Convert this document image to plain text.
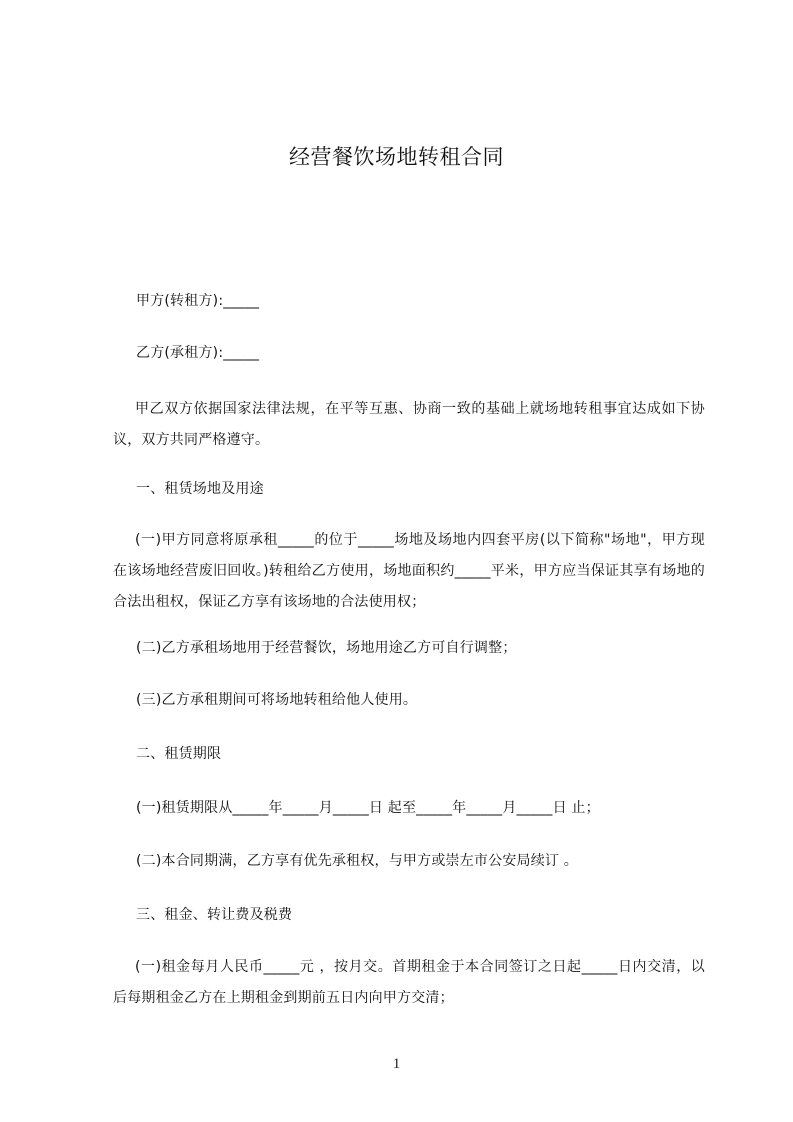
经营餐饮场地转租合同
甲方(转租方):_____
乙方(承租方):_____
甲乙双方依据国家法律法规，在平等互惠、协商一致的基础上就场地转租事宜达成如下协议，双方共同严格遵守。
一、租赁场地及用途
(一)甲方同意将原承租_____的位于_____场地及场地内四套平房(以下简称"场地"，甲方现在该场地经营废旧回收。)转租给乙方使用，场地面积约_____平米，甲方应当保证其享有场地的合法出租权，保证乙方享有该场地的合法使用权；
(二)乙方承租场地用于经营餐饮，场地用途乙方可自行调整；
(三)乙方承租期间可将场地转租给他人使用。
二、租赁期限
(一)租赁期限从_____年_____月_____日 起至_____年_____月_____日 止；
(二)本合同期满，乙方享有优先承租权，与甲方或崇左市公安局续订 。
三、租金、转让费及税费
(一)租金每月人民币_____元 ，按月交。首期租金于本合同签订之日起_____日内交清，以后每期租金乙方在上期租金到期前五日内向甲方交清；
1
